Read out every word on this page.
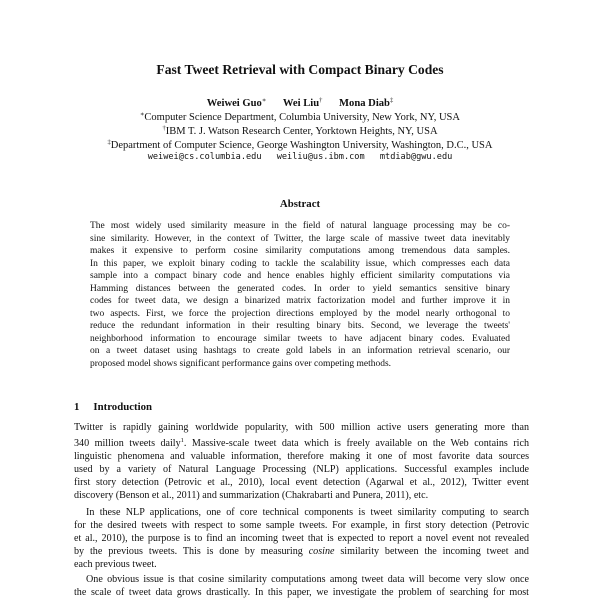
Fast Tweet Retrieval with Compact Binary Codes
Weiwei Guo∗ Wei Liu† Mona Diab‡
∗Computer Science Department, Columbia University, New York, NY, USA
†IBM T. J. Watson Research Center, Yorktown Heights, NY, USA
‡Department of Computer Science, George Washington University, Washington, D.C., USA
weiwei@cs.columbia.edu weiliu@us.ibm.com mtdiab@gwu.edu
Abstract
The most widely used similarity measure in the field of natural language processing may be co-
sine similarity. However, in the context of Twitter, the large scale of massive tweet data inevitably
makes it expensive to perform cosine similarity computations among tremendous data samples.
In this paper, we exploit binary coding to tackle the scalability issue, which compresses each data
sample into a compact binary code and hence enables highly efficient similarity computations via
Hamming distances between the generated codes. In order to yield semantics sensitive binary
codes for tweet data, we design a binarized matrix factorization model and further improve it in
two aspects. First, we force the projection directions employed by the model nearly orthogonal to
reduce the redundant information in their resulting binary bits. Second, we leverage the tweets'
neighborhood information to encourage similar tweets to have adjacent binary codes. Evaluated
on a tweet dataset using hashtags to create gold labels in an information retrieval scenario, our
proposed model shows significant performance gains over competing methods.
1 Introduction
Twitter is rapidly gaining worldwide popularity, with 500 million active users generating more than
340 million tweets daily$^1$. Massive-scale tweet data which is freely available on the Web contains rich
linguistic phenomena and valuable information, therefore making it one of most favorite data sources
used by a variety of Natural Language Processing (NLP) applications. Successful examples include
first story detection (Petrovic et al., 2010), local event detection (Agarwal et al., 2012), Twitter event
discovery (Benson et al., 2011) and summarization (Chakrabarti and Punera, 2011), etc.
In these NLP applications, one of core technical components is tweet similarity computing to search
for the desired tweets with respect to some sample tweets. For example, in first story detection (Petrovic
et al., 2010), the purpose is to find an incoming tweet that is expected to report a novel event not revealed
by the previous tweets. This is done by measuring cosine similarity between the incoming tweet and
each previous tweet.
One obvious issue is that cosine similarity computations among tweet data will become very slow once
the scale of tweet data grows drastically. In this paper, we investigate the problem of searching for most
